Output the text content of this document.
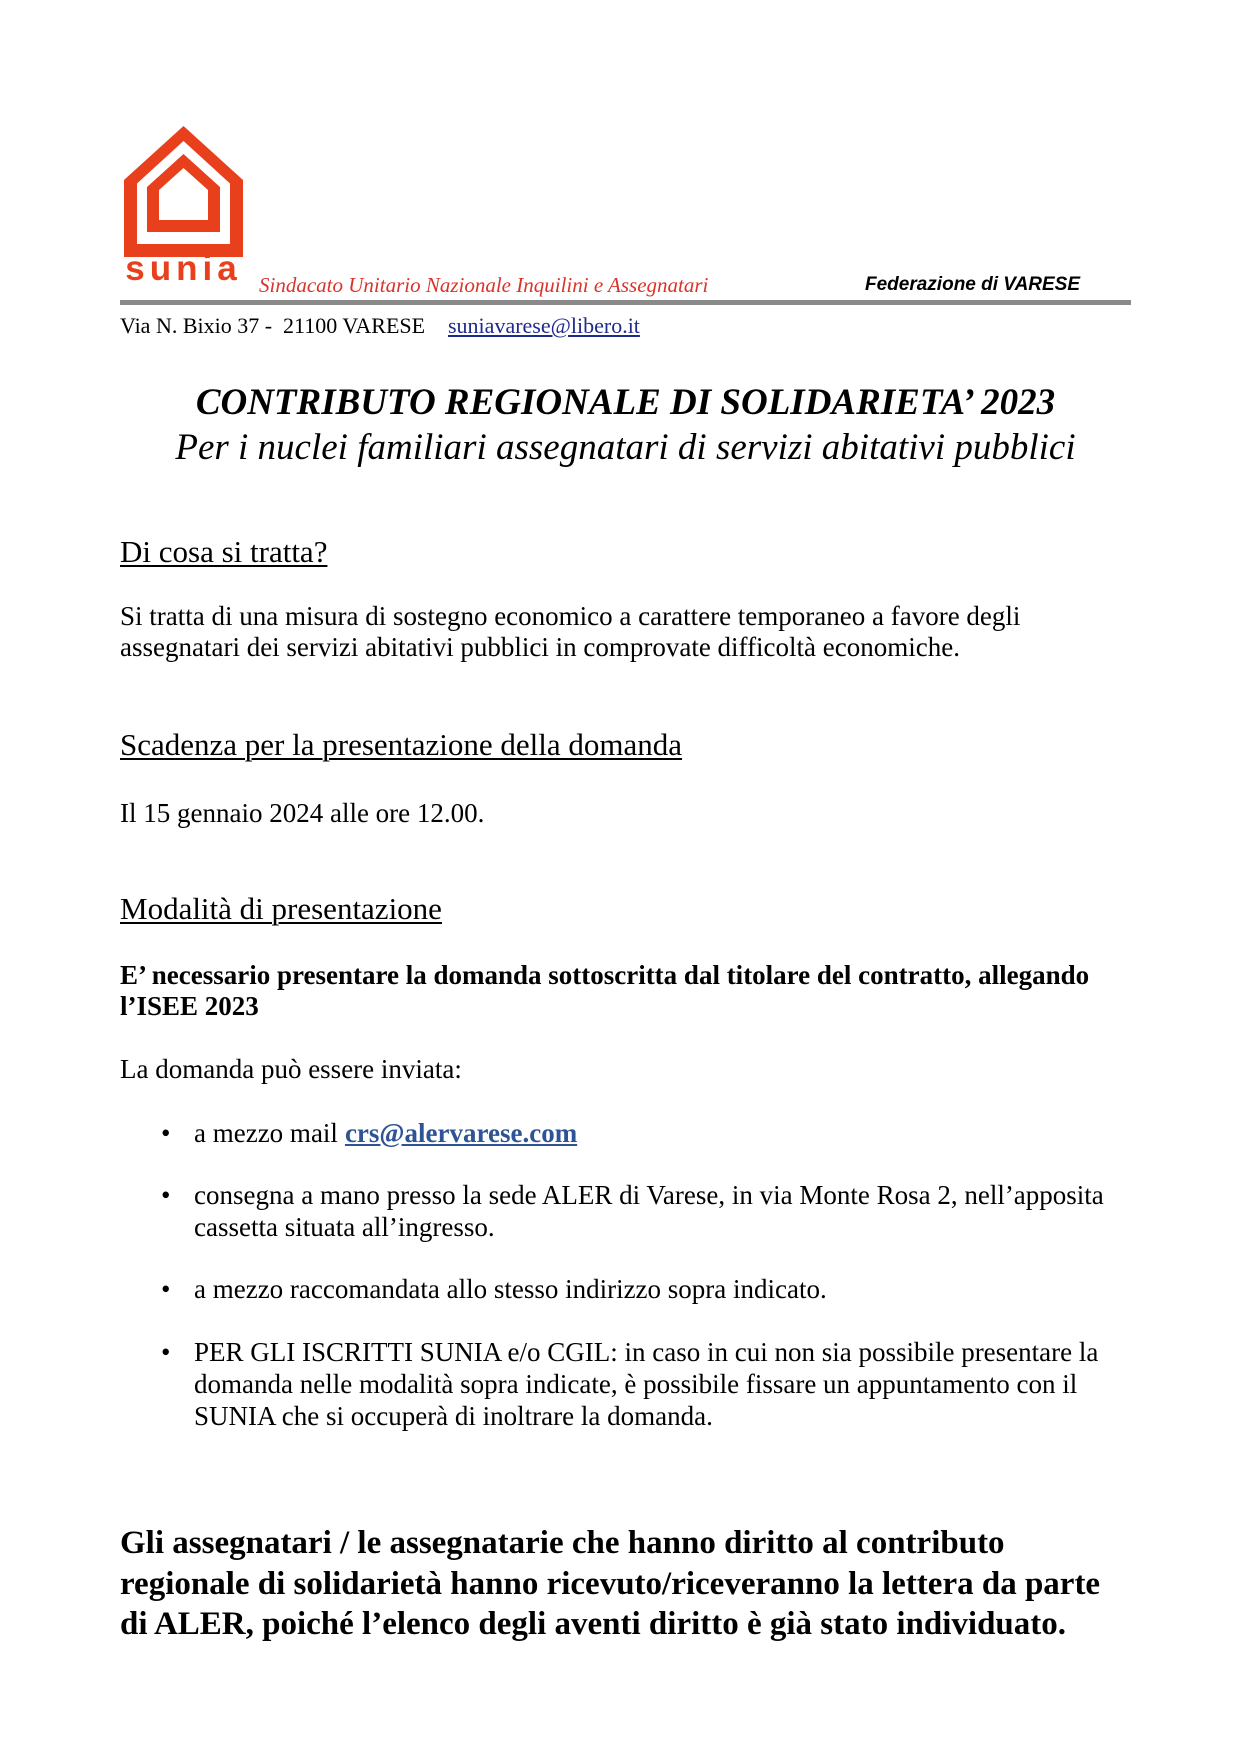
sunia Sindacato Unitario Nazionale Inquilini e Assegnatari	Federazione di VARESE
Via N. Bixio 37 -  21100 VARESE suniavarese@libero.it
CONTRIBUTO REGIONALE DI SOLIDARIETA’ 2023
Per i nuclei familiari assegnatari di servizi abitativi pubblici
Di cosa si tratta?
Si tratta di una misura di sostegno economico a carattere temporaneo a favore degli
assegnatari dei servizi abitativi pubblici in comprovate difficoltà economiche.
Scadenza per la presentazione della domanda
Il 15 gennaio 2024 alle ore 12.00.
Modalità di presentazione
E’ necessario presentare la domanda sottoscritta dal titolare del contratto, allegando
l’ISEE 2023
La domanda può essere inviata:
• a mezzo mail crs@alervarese.com
• consegna a mano presso la sede ALER di Varese, in via Monte Rosa 2, nell’apposita
cassetta situata all’ingresso.
• a mezzo raccomandata allo stesso indirizzo sopra indicato.
• PER GLI ISCRITTI SUNIA e/o CGIL: in caso in cui non sia possibile presentare la
domanda nelle modalità sopra indicate, è possibile fissare un appuntamento con il
SUNIA che si occuperà di inoltrare la domanda.
Gli assegnatari / le assegnatarie che hanno diritto al contributo
regionale di solidarietà hanno ricevuto/riceveranno la lettera da parte
di ALER, poiché l’elenco degli aventi diritto è già stato individuato.
